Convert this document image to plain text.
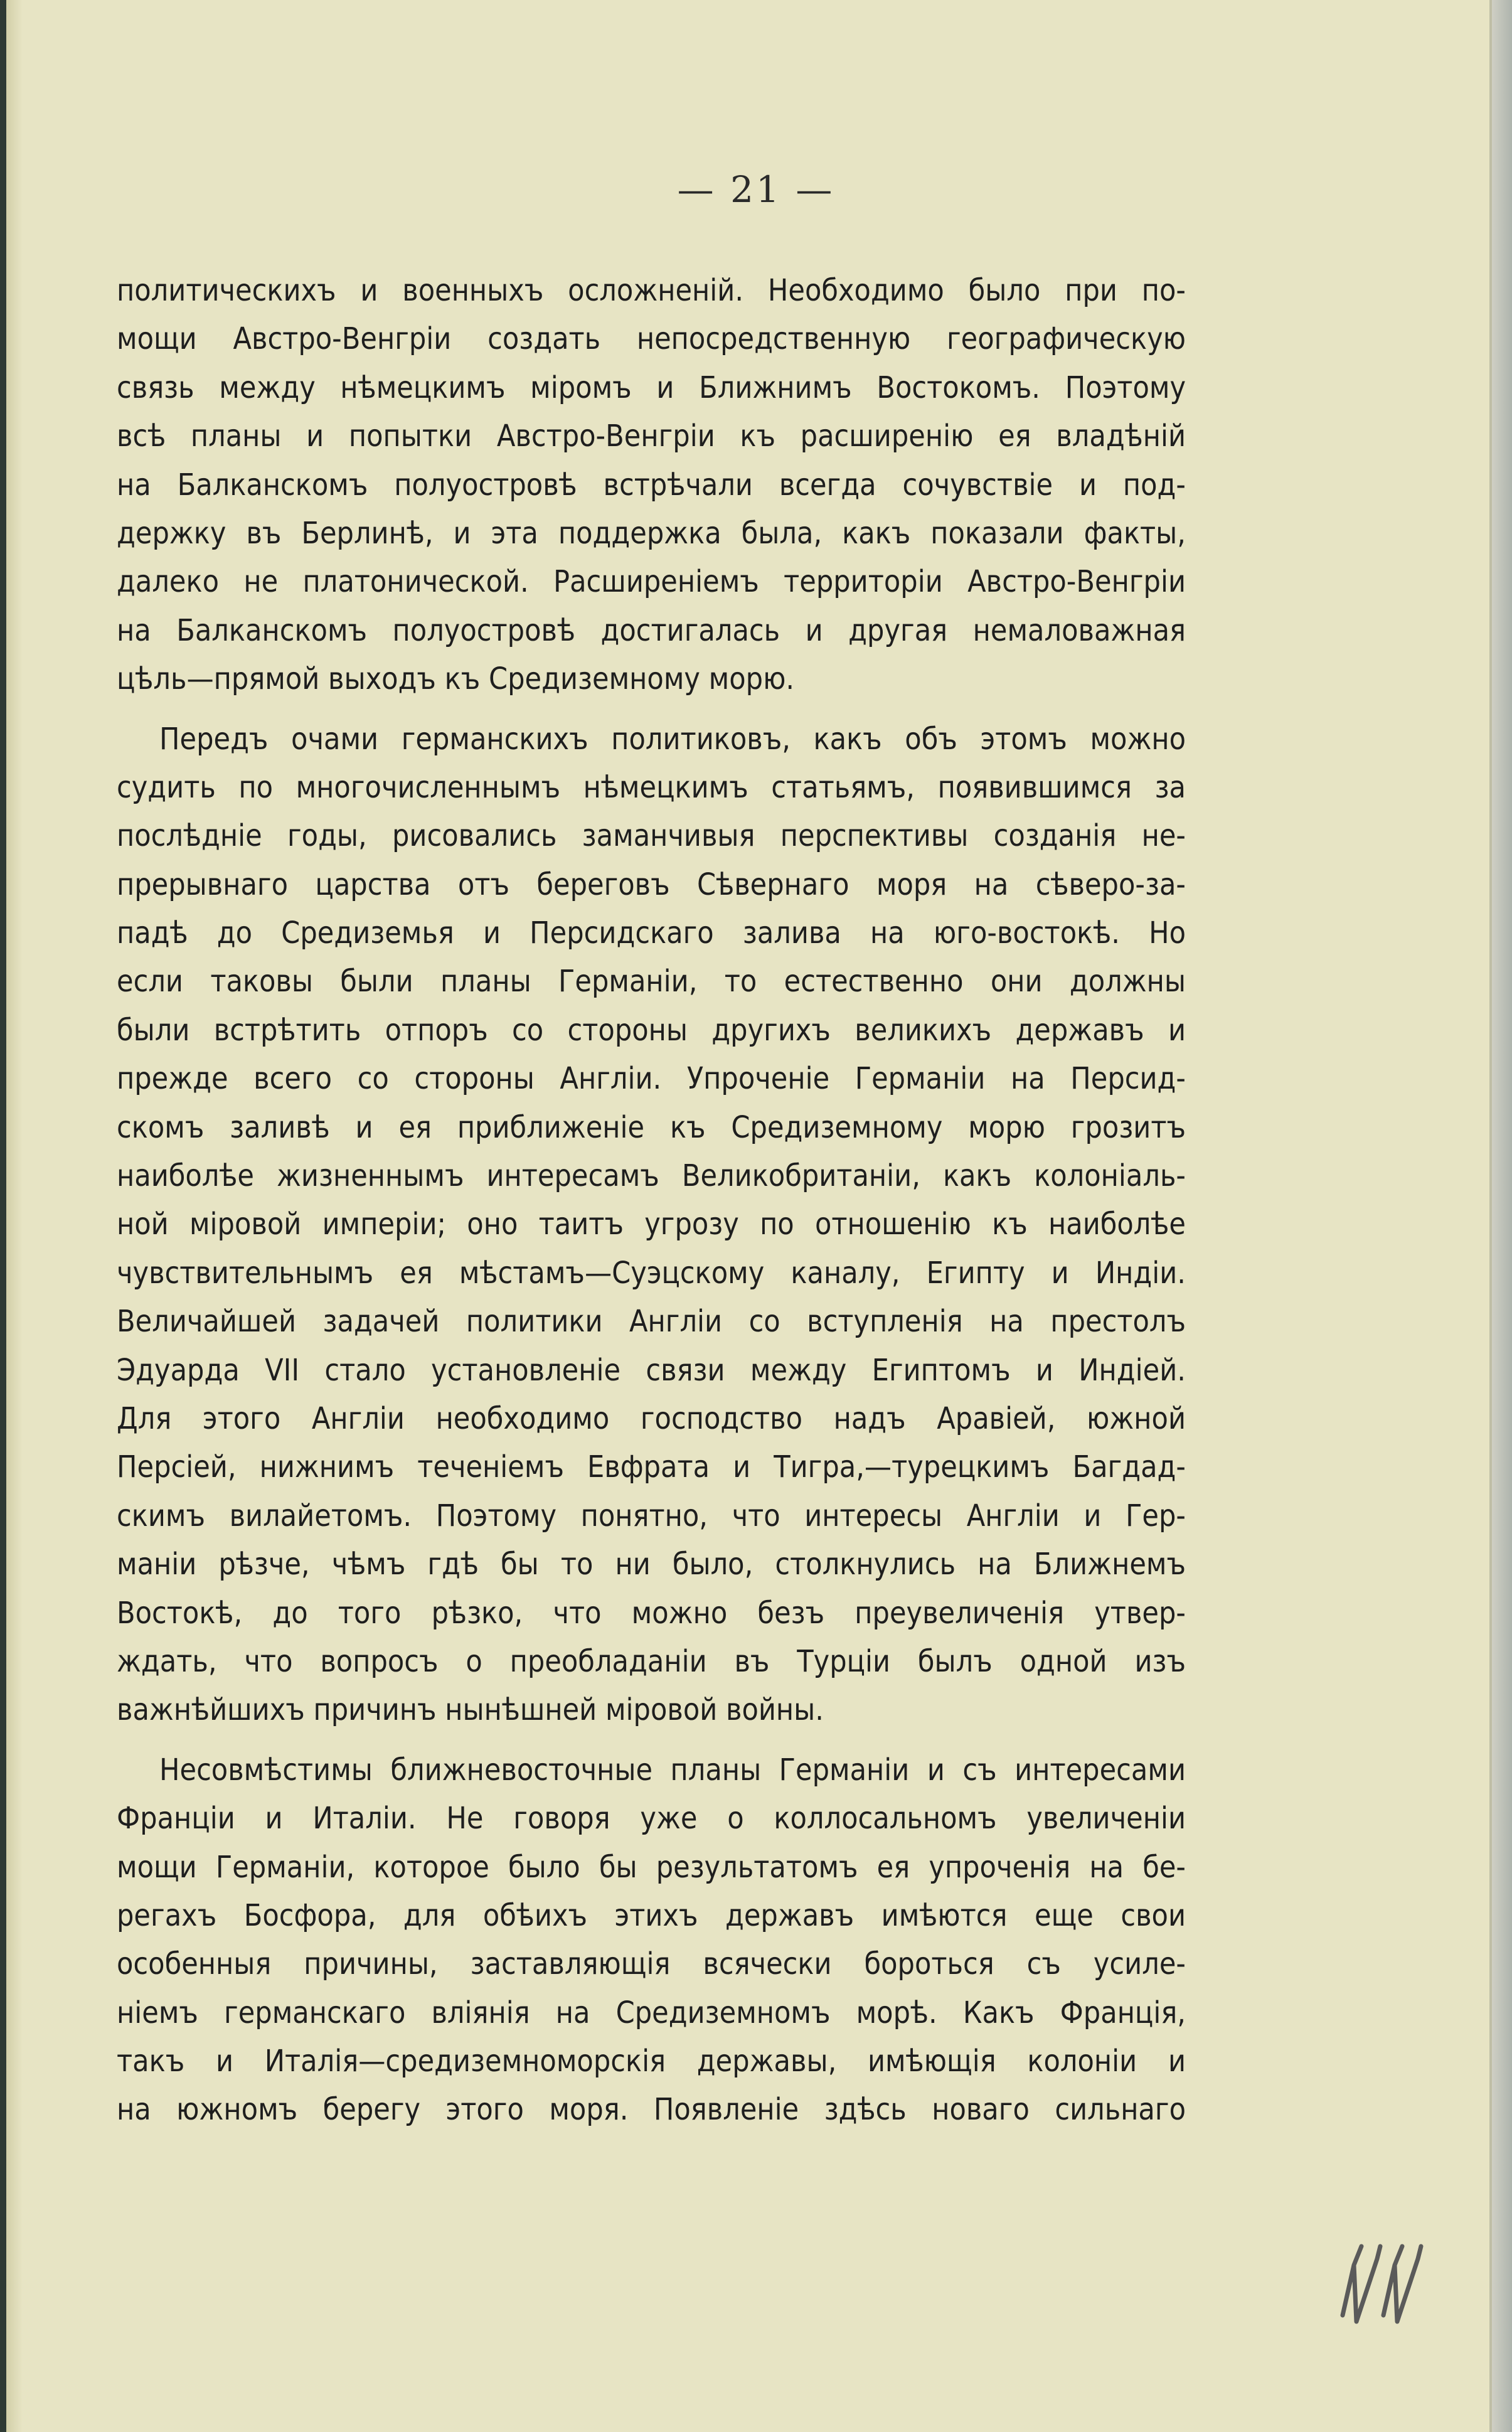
— 21 —
политическихъ и военныхъ осложненій. Необходимо было при по-
мощи Австро-Венгріи создать непосредственную географическую
связь между нѣмецкимъ міромъ и Ближнимъ Востокомъ. Поэтому
всѣ планы и попытки Австро-Венгріи къ расширенію ея владѣній
на Балканскомъ полуостровѣ встрѣчали всегда сочувствіе и под-
держку въ Берлинѣ, и эта поддержка была, какъ показали факты,
далеко не платонической. Расширеніемъ территоріи Австро-Венгріи
на Балканскомъ полуостровѣ достигалась и другая немаловажная
цѣль—прямой выходъ къ Средиземному морю.
Передъ очами германскихъ политиковъ, какъ объ этомъ можно
судить по многочисленнымъ нѣмецкимъ статьямъ, появившимся за
послѣдніе годы, рисовались заманчивыя перспективы созданія не-
прерывнаго царства отъ береговъ Сѣвернаго моря на сѣверо-за-
падѣ до Средиземья и Персидскаго залива на юго-востокѣ. Но
если таковы были планы Германіи, то естественно они должны
были встрѣтить отпоръ со стороны другихъ великихъ державъ и
прежде всего со стороны Англіи. Упроченіе Германіи на Персид-
скомъ заливѣ и ея приближеніе къ Средиземному морю грозитъ
наиболѣе жизненнымъ интересамъ Великобританіи, какъ колоніаль-
ной міровой имперіи; оно таитъ угрозу по отношенію къ наиболѣе
чувствительнымъ ея мѣстамъ—Суэцскому каналу, Египту и Индіи.
Величайшей задачей политики Англіи со вступленія на престолъ
Эдуарда VII стало установленіе связи между Египтомъ и Индіей.
Для этого Англіи необходимо господство надъ Аравіей, южной
Персіей, нижнимъ теченіемъ Евфрата и Тигра,—турецкимъ Багдад-
скимъ вилайетомъ. Поэтому понятно, что интересы Англіи и Гер-
маніи рѣзче, чѣмъ гдѣ бы то ни было, столкнулись на Ближнемъ
Востокѣ, до того рѣзко, что можно безъ преувеличенія утвер-
ждать, что вопросъ о преобладаніи въ Турціи былъ одной изъ
важнѣйшихъ причинъ нынѣшней міровой войны.
Несовмѣстимы ближневосточные планы Германіи и съ интересами
Франціи и Италіи. Не говоря уже о коллосальномъ увеличеніи
мощи Германіи, которое было бы результатомъ ея упроченія на бе-
регахъ Босфора, для обѣихъ этихъ державъ имѣются еще свои
особенныя причины, заставляющія всячески бороться съ усиле-
ніемъ германскаго вліянія на Средиземномъ морѣ. Какъ Франція,
такъ и Италія—средиземноморскія державы, имѣющія колоніи и
на южномъ берегу этого моря. Появленіе здѣсь новаго сильнаго
